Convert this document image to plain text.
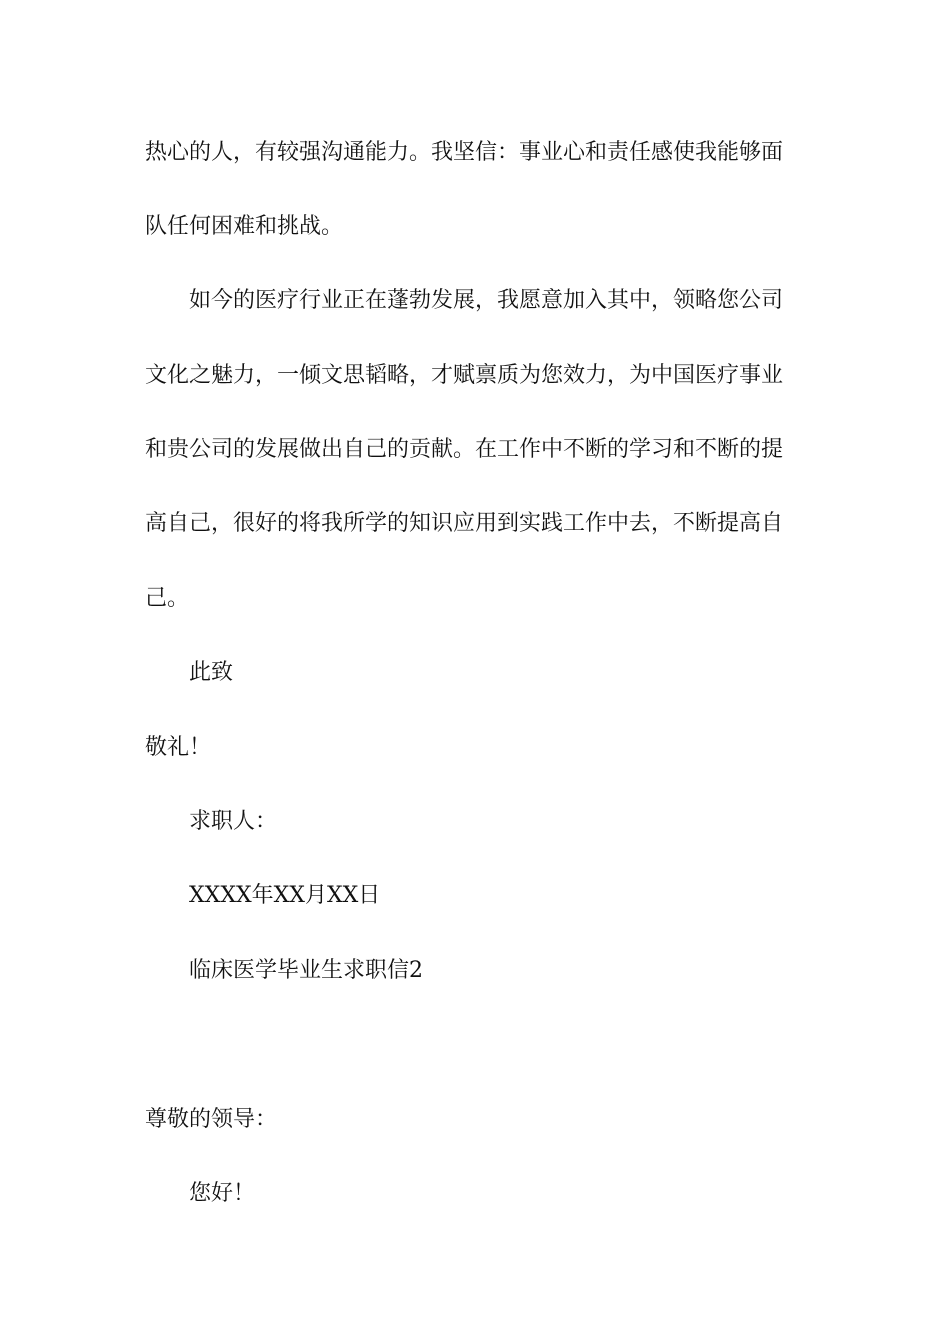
热心的人，有较强沟通能力。我坚信：事业心和责任感使我能够面
队任何困难和挑战。
如今的医疗行业正在蓬勃发展，我愿意加入其中，领略您公司
文化之魅力，一倾文思韬略，才赋禀质为您效力，为中国医疗事业
和贵公司的发展做出自己的贡献。在工作中不断的学习和不断的提
高自己，很好的将我所学的知识应用到实践工作中去，不断提高自
己。
此致
敬礼！
求职人：
XXXX年XX月XX日
临床医学毕业生求职信2
尊敬的领导：
您好！
